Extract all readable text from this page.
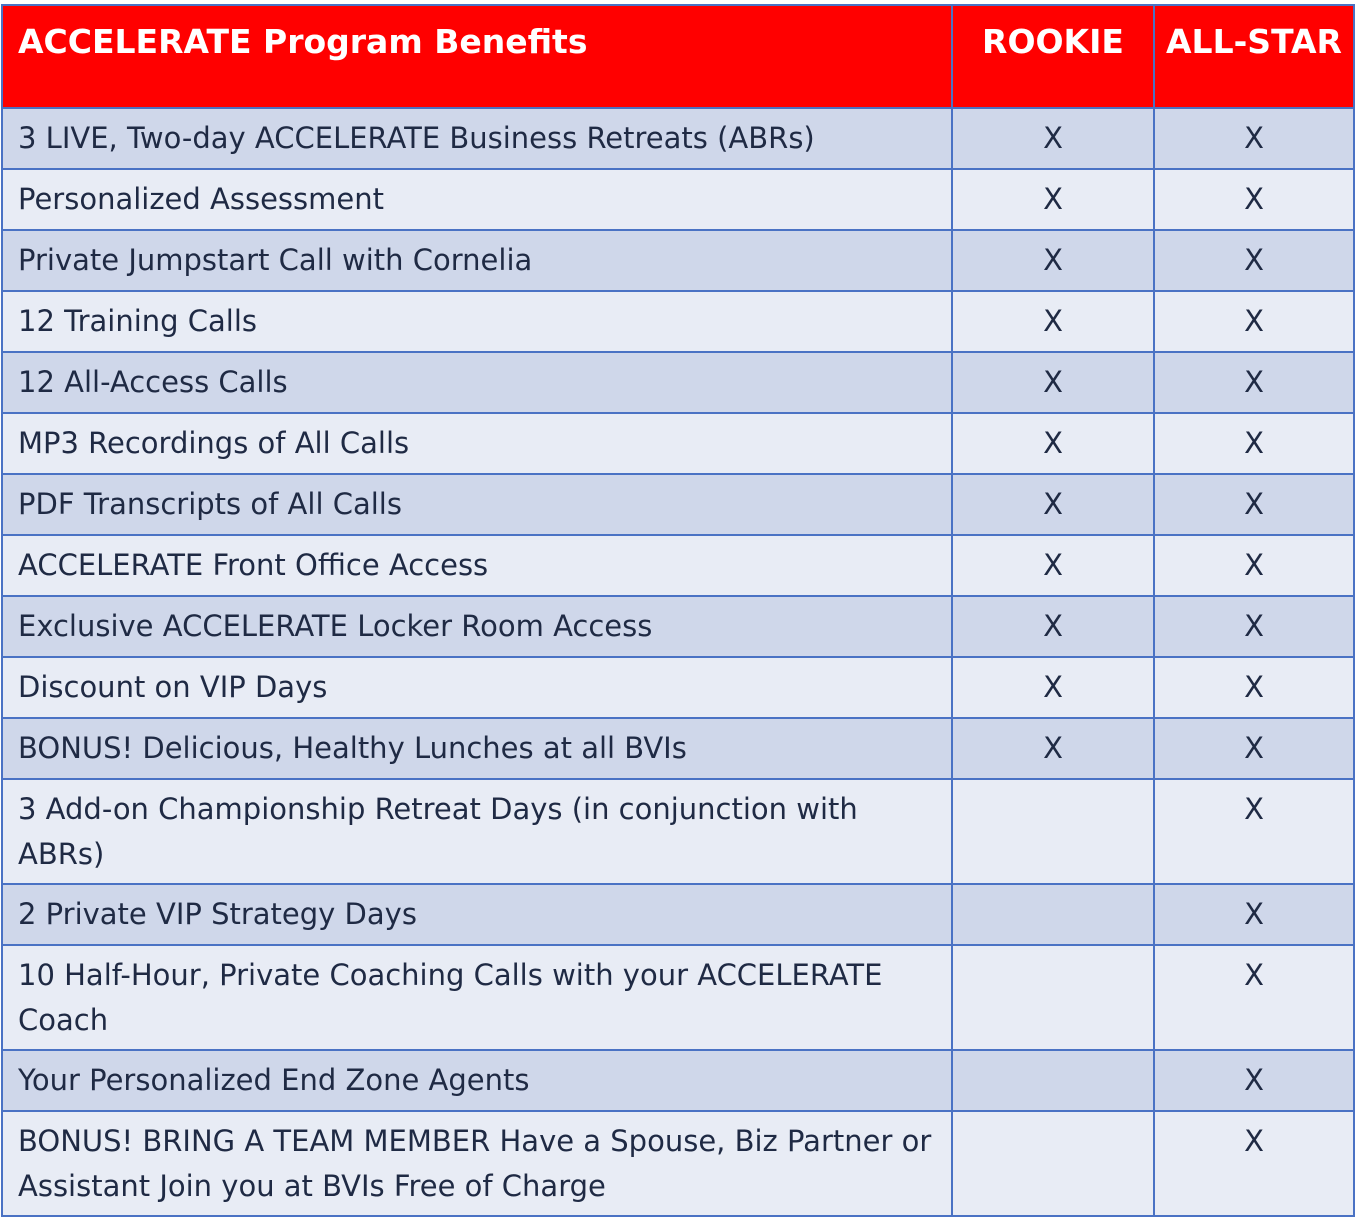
ACCELERATE Program Benefits	ROOKIE	ALL-STAR
3 LIVE, Two-day ACCELERATE Business Retreats (ABRs)	X	X
Personalized Assessment	X	X
Private Jumpstart Call with Cornelia	X	X
12 Training Calls	X	X
12 All-Access Calls	X	X
MP3 Recordings of All Calls	X	X
PDF Transcripts of All Calls	X	X
ACCELERATE Front Office Access	X	X
Exclusive ACCELERATE Locker Room Access	X	X
Discount on VIP Days	X	X
BONUS! Delicious, Healthy Lunches at all BVIs	X	X
3 Add-on Championship Retreat Days (in conjunction with ABRs)		X
2 Private VIP Strategy Days		X
10 Half-Hour, Private Coaching Calls with your ACCELERATE Coach		X
Your Personalized End Zone Agents		X
BONUS! BRING A TEAM MEMBER Have a Spouse, Biz Partner or Assistant Join you at BVIs Free of Charge		X
